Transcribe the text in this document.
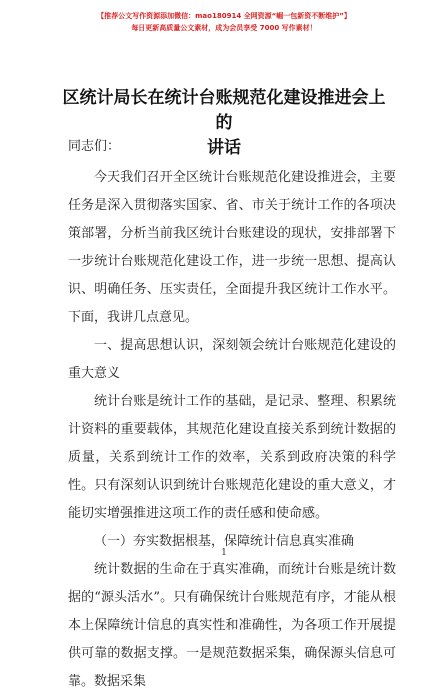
【推荐公文写作资源添加微信：mao180914 全网资源“崛一包新资不断维护”】
每日更新高质量公文素材，成为会员享受 7000 写作素材！
区统计局长在统计台账规范化建设推进会上的
讲话
同志们：

今天我们召开全区统计台账规范化建设推进会，主要任务是深入贯彻落实国家、省、市关于统计工作的各项决策部署，分析当前我区统计台账建设的现状，安排部署下一步统计台账规范化建设工作，进一步统一思想、提高认识、明确任务、压实责任，全面提升我区统计工作水平。下面，我讲几点意见。

一、提高思想认识，深刻领会统计台账规范化建设的重大意义

统计台账是统计工作的基础，是记录、整理、积累统计资料的重要载体，其规范化建设直接关系到统计数据的质量，关系到统计工作的效率，关系到政府决策的科学性。只有深刻认识到统计台账规范化建设的重大意义，才能切实增强推进这项工作的责任感和使命感。

（一）夯实数据根基，保障统计信息真实准确

统计数据的生命在于真实准确，而统计台账是统计数据的“源头活水”。只有确保统计台账规范有序，才能从根本上保障统计信息的真实性和准确性，为各项工作开展提供可靠的数据支撑。一是规范数据采集，确保源头信息可靠。数据采集

1
